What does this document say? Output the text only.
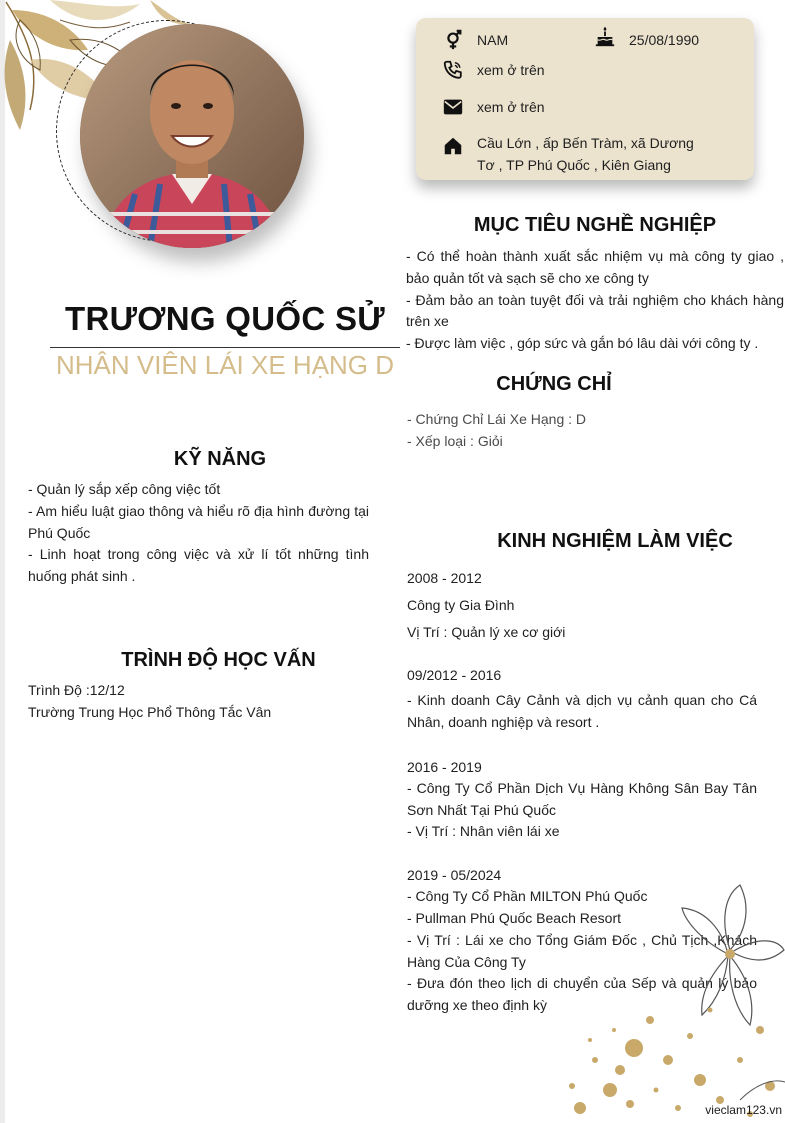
NAM	25/08/1990
xem ở trên
xem ở trên
Cầu Lớn , ấp Bến Tràm, xã Dương
Tơ , TP Phú Quốc , Kiên Giang
TRƯƠNG QUỐC SỬ
NHÂN VIÊN LÁI XE HẠNG D
KỸ NĂNG
- Quản lý sắp xếp công việc tốt
- Am hiểu luật giao thông và hiểu rõ địa hình đường tại Phú Quốc
- Linh hoạt trong công việc và xử lí tốt những tình huống phát sinh .
TRÌNH ĐỘ HỌC VẤN
Trình Độ :12/12
Trường Trung Học Phổ Thông Tắc Vân
MỤC TIÊU NGHỀ NGHIỆP
- Có thể hoàn thành xuất sắc nhiệm vụ mà công ty giao , bảo quản tốt và sạch sẽ cho xe công ty
- Đảm bảo an toàn tuyệt đối và trải nghiệm cho khách hàng trên xe
- Được làm việc , góp sức và gắn bó lâu dài với công ty .
CHỨNG CHỈ
- Chứng Chỉ Lái Xe Hạng : D
- Xếp loại : Giỏi
KINH NGHIỆM LÀM VIỆC
2008 - 2012
Công ty Gia Đình
Vị Trí : Quản lý xe cơ giới
09/2012 - 2016
- Kinh doanh Cây Cảnh và dịch vụ cảnh quan cho Cá Nhân, doanh nghiệp và resort .
2016 - 2019
- Công Ty Cổ Phần Dịch Vụ Hàng Không Sân Bay Tân Sơn Nhất Tại Phú Quốc
- Vị Trí : Nhân viên lái xe
2019 - 05/2024
- Công Ty Cổ Phần MILTON Phú Quốc
- Pullman Phú Quốc Beach Resort
- Vị Trí : Lái xe cho Tổng Giám Đốc , Chủ Tịch ,Khách Hàng Của Công Ty
- Đưa đón theo lịch di chuyển của Sếp và quản lý bảo dưỡng xe theo định kỳ
vieclam123.vn
